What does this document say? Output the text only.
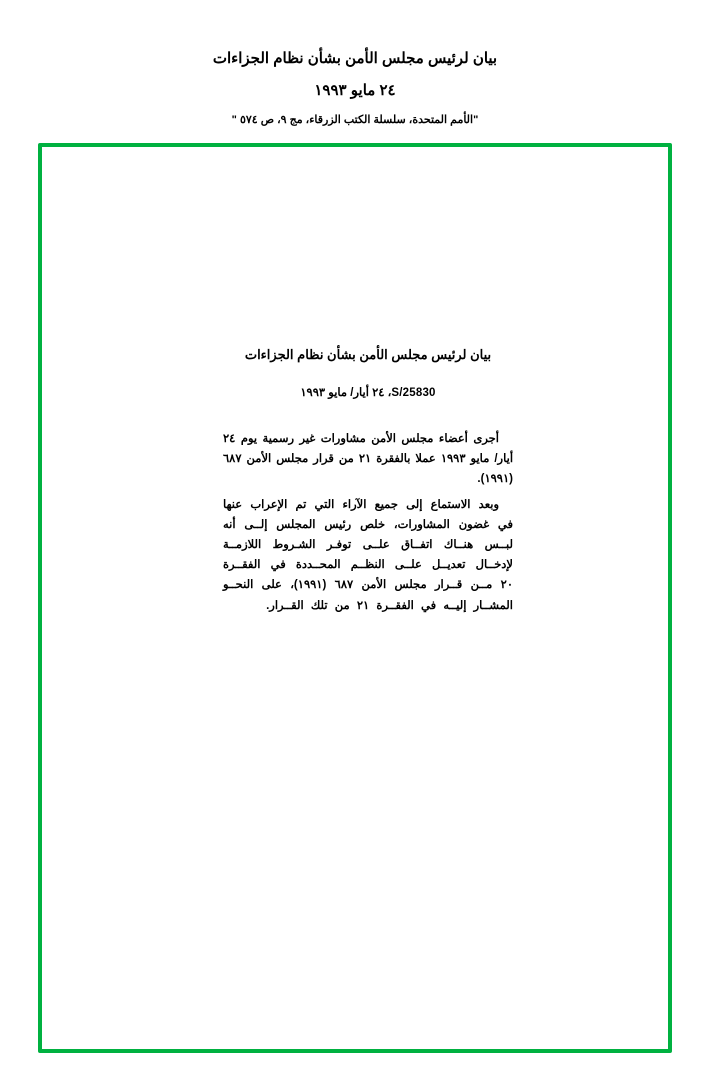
بيان لرئيس مجلس الأمن بشأن نظام الجزاءات
٢٤ مايو ١٩٩٣
"الأمم المتحدة، سلسلة الكتب الزرقاء، مج ٩، ص ٥٧٤ "
بيان لرئيس مجلس الأمن بشأن نظام الجزاءات
S/25830، ٢٤ أيار/ مايو ١٩٩٣

أجرى أعضاء مجلس الأمن مشاورات غير رسمية يوم ٢٤ أيار/ مايو ١٩٩٣ عملا بالفقرة ٢١ من قرار مجلس الأمن ٦٨٧ (١٩٩١).

وبعد الاستماع إلى جميع الآراء التي تم الإعراب عنها في غضون المشاورات، خلص رئيس المجلس إلــى أنه لبــس هنــاك اتفــاق علــى توفـر الشـروط اللازمــة لإدخــال تعديــل علــى النظــم المحــددة في الفقــرة ٢٠ مــن قــرار مجلس الأمن ٦٨٧ (١٩٩١)، على النحــو المشــار إليــه في الفقــرة ٢١ من تلك القــرار.
